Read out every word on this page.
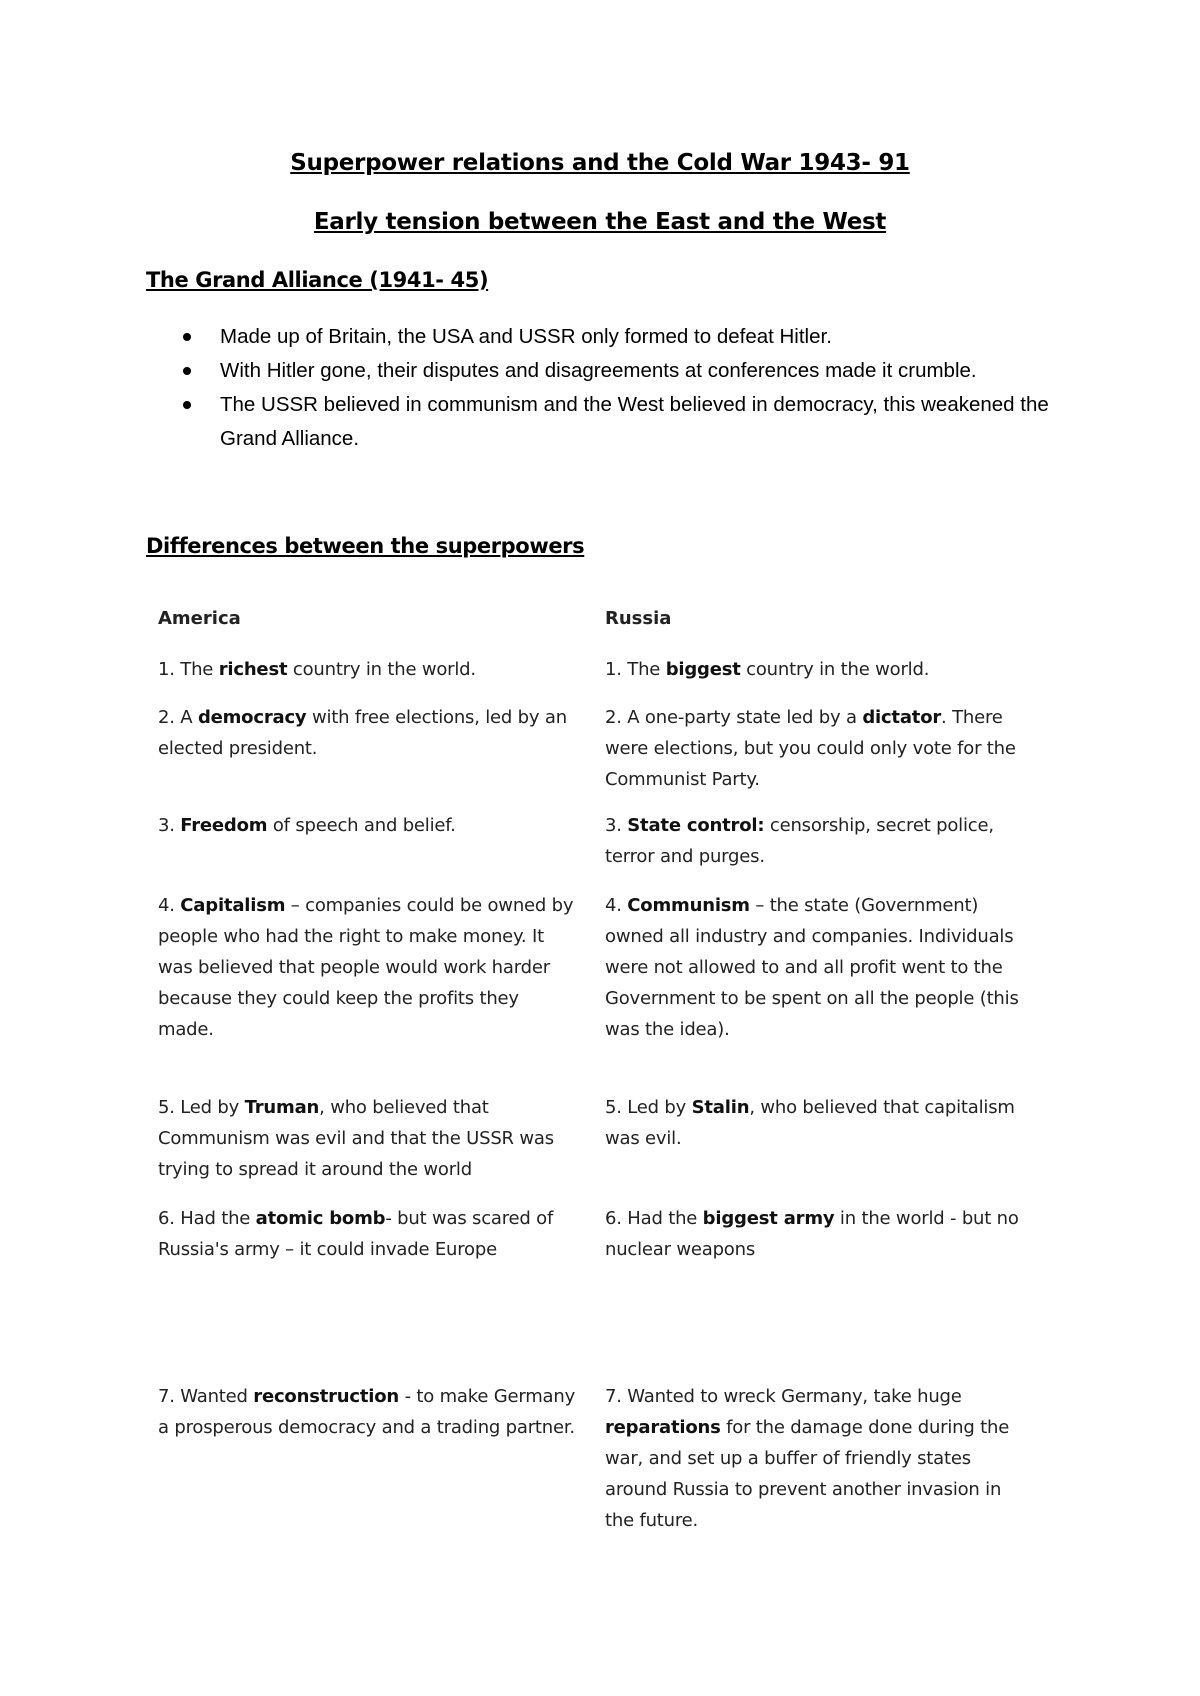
Superpower relations and the Cold War 1943- 91
Early tension between the East and the West
The Grand Alliance (1941- 45)
Made up of Britain, the USA and USSR only formed to defeat Hitler.
With Hitler gone, their disputes and disagreements at conferences made it crumble.
The USSR believed in communism and the West believed in democracy, this weakened the Grand Alliance.
Differences between the superpowers
America	Russia
1. The richest country in the world.
2. A democracy with free elections, led by an elected president.
3. Freedom of speech and belief.
4. Capitalism – companies could be owned by people who had the right to make money. It was believed that people would work harder because they could keep the profits they made.
5. Led by Truman, who believed that Communism was evil and that the USSR was trying to spread it around the world
6. Had the atomic bomb- but was scared of Russia's army – it could invade Europe
7. Wanted reconstruction - to make Germany a prosperous democracy and a trading partner.
1. The biggest country in the world.
2. A one-party state led by a dictator. There were elections, but you could only vote for the Communist Party.
3. State control: censorship, secret police, terror and purges.
4. Communism – the state (Government) owned all industry and companies. Individuals were not allowed to and all profit went to the Government to be spent on all the people (this was the idea).
5. Led by Stalin, who believed that capitalism was evil.
6. Had the biggest army in the world - but no nuclear weapons
7. Wanted to wreck Germany, take huge reparations for the damage done during the war, and set up a buffer of friendly states around Russia to prevent another invasion in the future.
